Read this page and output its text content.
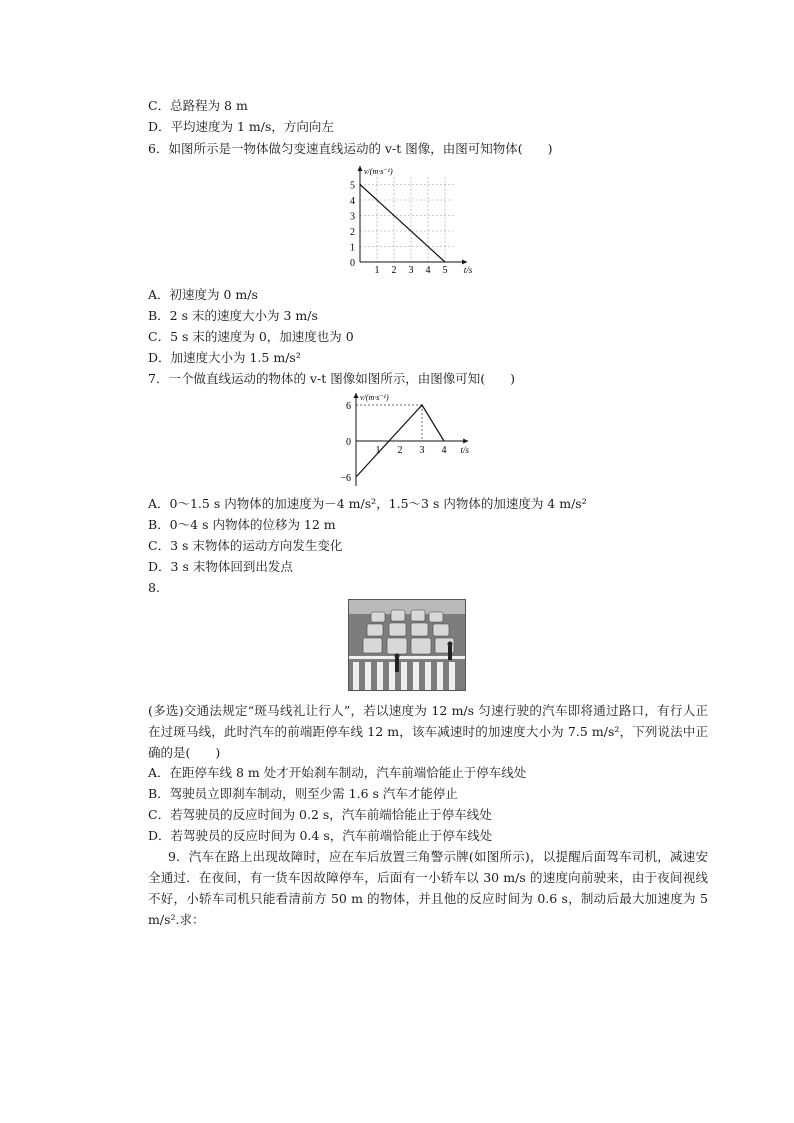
C．总路程为 8 m
D．平均速度为 1 m/s，方向向左
6．如图所示是一物体做匀变速直线运动的 v-t 图像，由图可知物体(　　)
1 2 3 4 5
0
1
2
3
4
5
v/(m·s⁻¹)
t/s
A．初速度为 0 m/s
B．2 s 末的速度大小为 3 m/s
C．5 s 末的速度为 0，加速度也为 0
D．加速度大小为 1.5 m/s²
7．一个做直线运动的物体的 v-t 图像如图所示，由图像可知(　　)
1 2 3 4
6
0
−6
v/(m·s⁻¹)
t/s
A．0～1.5 s 内物体的加速度为－4 m/s²，1.5～3 s 内物体的加速度为 4 m/s²
B．0～4 s 内物体的位移为 12 m
C．3 s 末物体的运动方向发生变化
D．3 s 末物体回到出发点
8.
(多选)交通法规定“斑马线礼让行人”，若以速度为 12 m/s 匀速行驶的汽车即将通过路口，有行人正在过斑马线，此时汽车的前端距停车线 12 m，该车减速时的加速度大小为 7.5 m/s²，下列说法中正确的是(　　)
A．在距停车线 8 m 处才开始刹车制动，汽车前端恰能止于停车线处
B．驾驶员立即刹车制动，则至少需 1.6 s 汽车才能停止
C．若驾驶员的反应时间为 0.2 s，汽车前端恰能止于停车线处
D．若驾驶员的反应时间为 0.4 s，汽车前端恰能止于停车线处
9．汽车在路上出现故障时，应在车后放置三角警示牌(如图所示)，以提醒后面驾车司机，减速安全通过．在夜间，有一货车因故障停车，后面有一小轿车以 30 m/s 的速度向前驶来，由于夜间视线不好，小轿车司机只能看清前方 50 m 的物体，并且他的反应时间为 0.6 s，制动后最大加速度为 5 m/s².求：
